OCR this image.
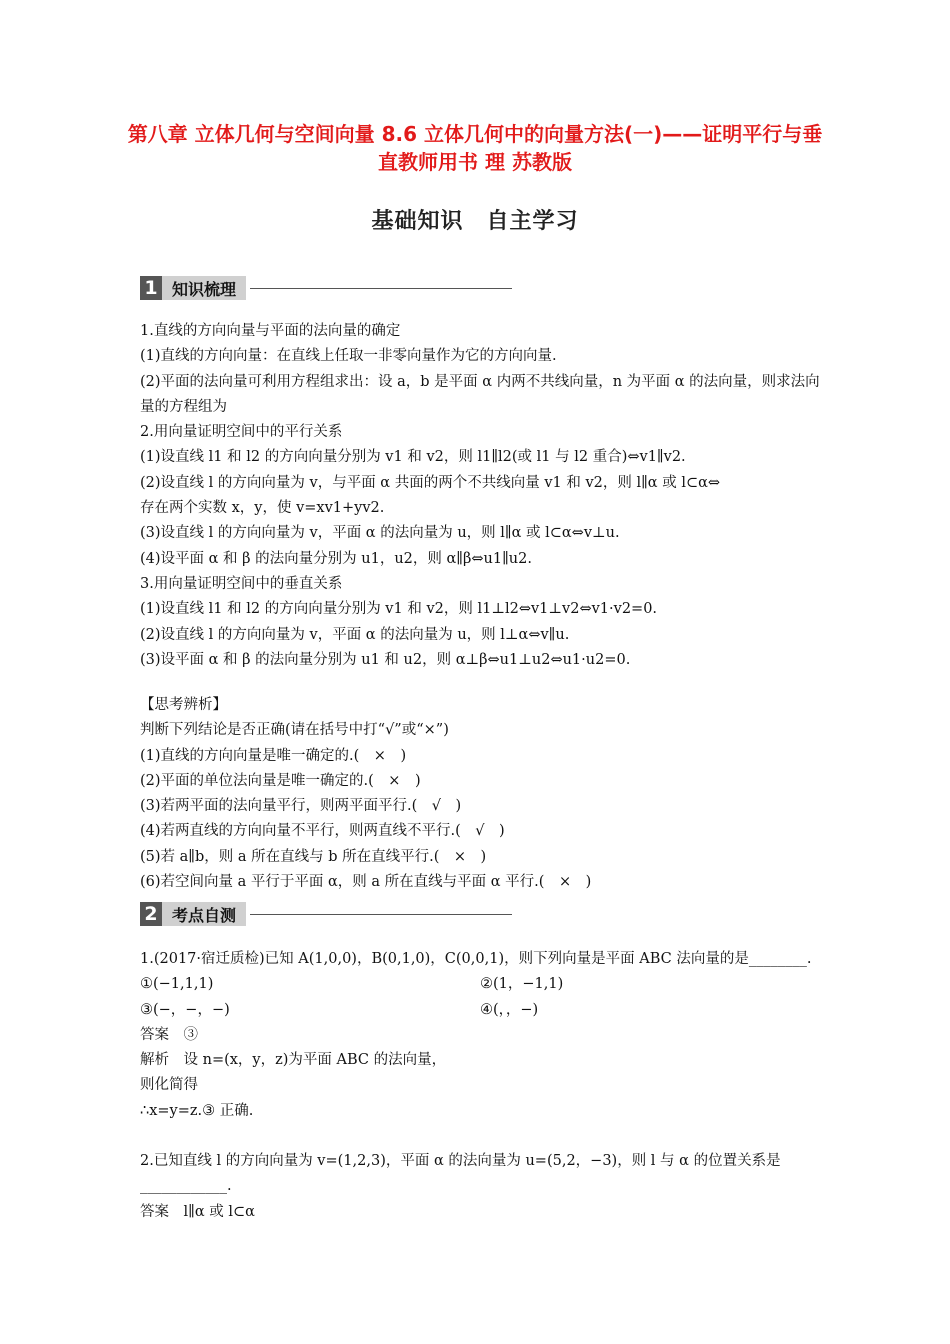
第八章 立体几何与空间向量 8.6 立体几何中的向量方法(一)——证明平行与垂直教师用书 理 苏教版
基础知识　自主学习
1 知识梳理
1.直线的方向向量与平面的法向量的确定
(1)直线的方向向量：在直线上任取一非零向量作为它的方向向量.
(2)平面的法向量可利用方程组求出：设 a，b 是平面 α 内两不共线向量，n 为平面 α 的法向量，则求法向量的方程组为
2.用向量证明空间中的平行关系
(1)设直线 l1 和 l2 的方向向量分别为 v1 和 v2，则 l1∥l2(或 l1 与 l2 重合)⇔v1∥v2.
(2)设直线 l 的方向向量为 v，与平面 α 共面的两个不共线向量 v1 和 v2，则 l∥α 或 l⊂α⇔
存在两个实数 x，y，使 v=xv1+yv2.
(3)设直线 l 的方向向量为 v，平面 α 的法向量为 u，则 l∥α 或 l⊂α⇔v⊥u.
(4)设平面 α 和 β 的法向量分别为 u1，u2，则 α∥β⇔u1∥u2.
3.用向量证明空间中的垂直关系
(1)设直线 l1 和 l2 的方向向量分别为 v1 和 v2，则 l1⊥l2⇔v1⊥v2⇔v1·v2=0.
(2)设直线 l 的方向向量为 v，平面 α 的法向量为 u，则 l⊥α⇔v∥u.
(3)设平面 α 和 β 的法向量分别为 u1 和 u2，则 α⊥β⇔u1⊥u2⇔u1·u2=0.
【思考辨析】
判断下列结论是否正确(请在括号中打“√”或“×”)
(1)直线的方向向量是唯一确定的.(　×　)
(2)平面的单位法向量是唯一确定的.(　×　)
(3)若两平面的法向量平行，则两平面平行.(　√　)
(4)若两直线的方向向量不平行，则两直线不平行.(　√　)
(5)若 a∥b，则 a 所在直线与 b 所在直线平行.(　×　)
(6)若空间向量 a 平行于平面 α，则 a 所在直线与平面 α 平行.(　×　)
2 考点自测
1.(2017·宿迁质检)已知 A(1,0,0)，B(0,1,0)，C(0,0,1)，则下列向量是平面 ABC 法向量的是________.
①(−1,1,1)	②(1，−1,1)
③(−，−，−)	④(，，−)
答案　③
解析　设 n=(x，y，z)为平面 ABC 的法向量，
则化简得
∴x=y=z.③ 正确.
2.已知直线 l 的方向向量为 v=(1,2,3)，平面 α 的法向量为 u=(5,2，−3)，则 l 与 α 的位置关系是____________.
答案　l∥α 或 l⊂α
